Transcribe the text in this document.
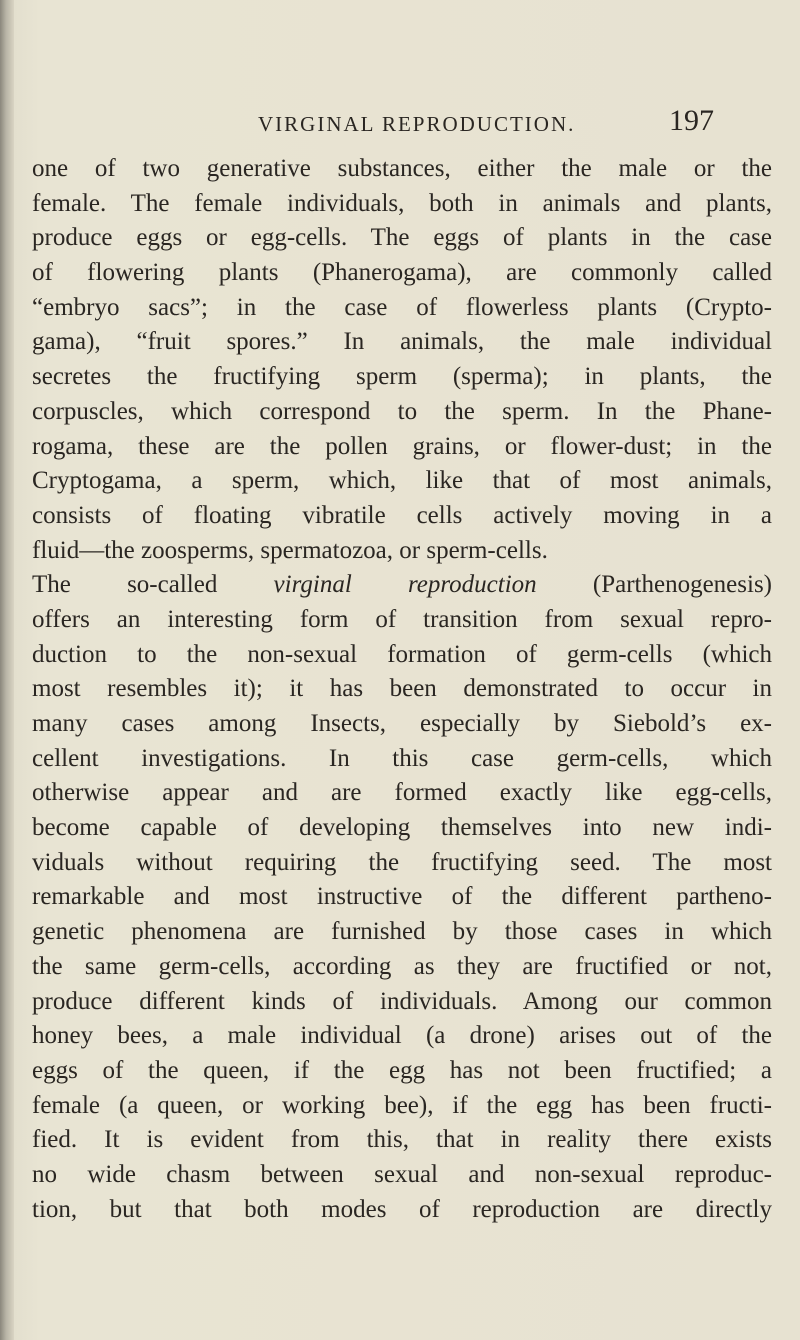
VIRGINAL REPRODUCTION.	197
one of two generative substances, either the male or the
female. The female individuals, both in animals and plants,
produce eggs or egg-cells. The eggs of plants in the case
of flowering plants (Phanerogama), are commonly called
“embryo sacs”; in the case of flowerless plants (Crypto-
gama), “fruit spores.” In animals, the male individual
secretes the fructifying sperm (sperma); in plants, the
corpuscles, which correspond to the sperm. In the Phane-
rogama, these are the pollen grains, or flower-dust; in the
Cryptogama, a sperm, which, like that of most animals,
consists of floating vibratile cells actively moving in a
fluid—the zoosperms, spermatozoa, or sperm-cells.
The so-called virginal reproduction (Parthenogenesis)
offers an interesting form of transition from sexual repro-
duction to the non-sexual formation of germ-cells (which
most resembles it); it has been demonstrated to occur in
many cases among Insects, especially by Siebold’s ex-
cellent investigations. In this case germ-cells, which
otherwise appear and are formed exactly like egg-cells,
become capable of developing themselves into new indi-
viduals without requiring the fructifying seed. The most
remarkable and most instructive of the different partheno-
genetic phenomena are furnished by those cases in which
the same germ-cells, according as they are fructified or not,
produce different kinds of individuals. Among our common
honey bees, a male individual (a drone) arises out of the
eggs of the queen, if the egg has not been fructified; a
female (a queen, or working bee), if the egg has been fructi-
fied. It is evident from this, that in reality there exists
no wide chasm between sexual and non-sexual reproduc-
tion, but that both modes of reproduction are directly
